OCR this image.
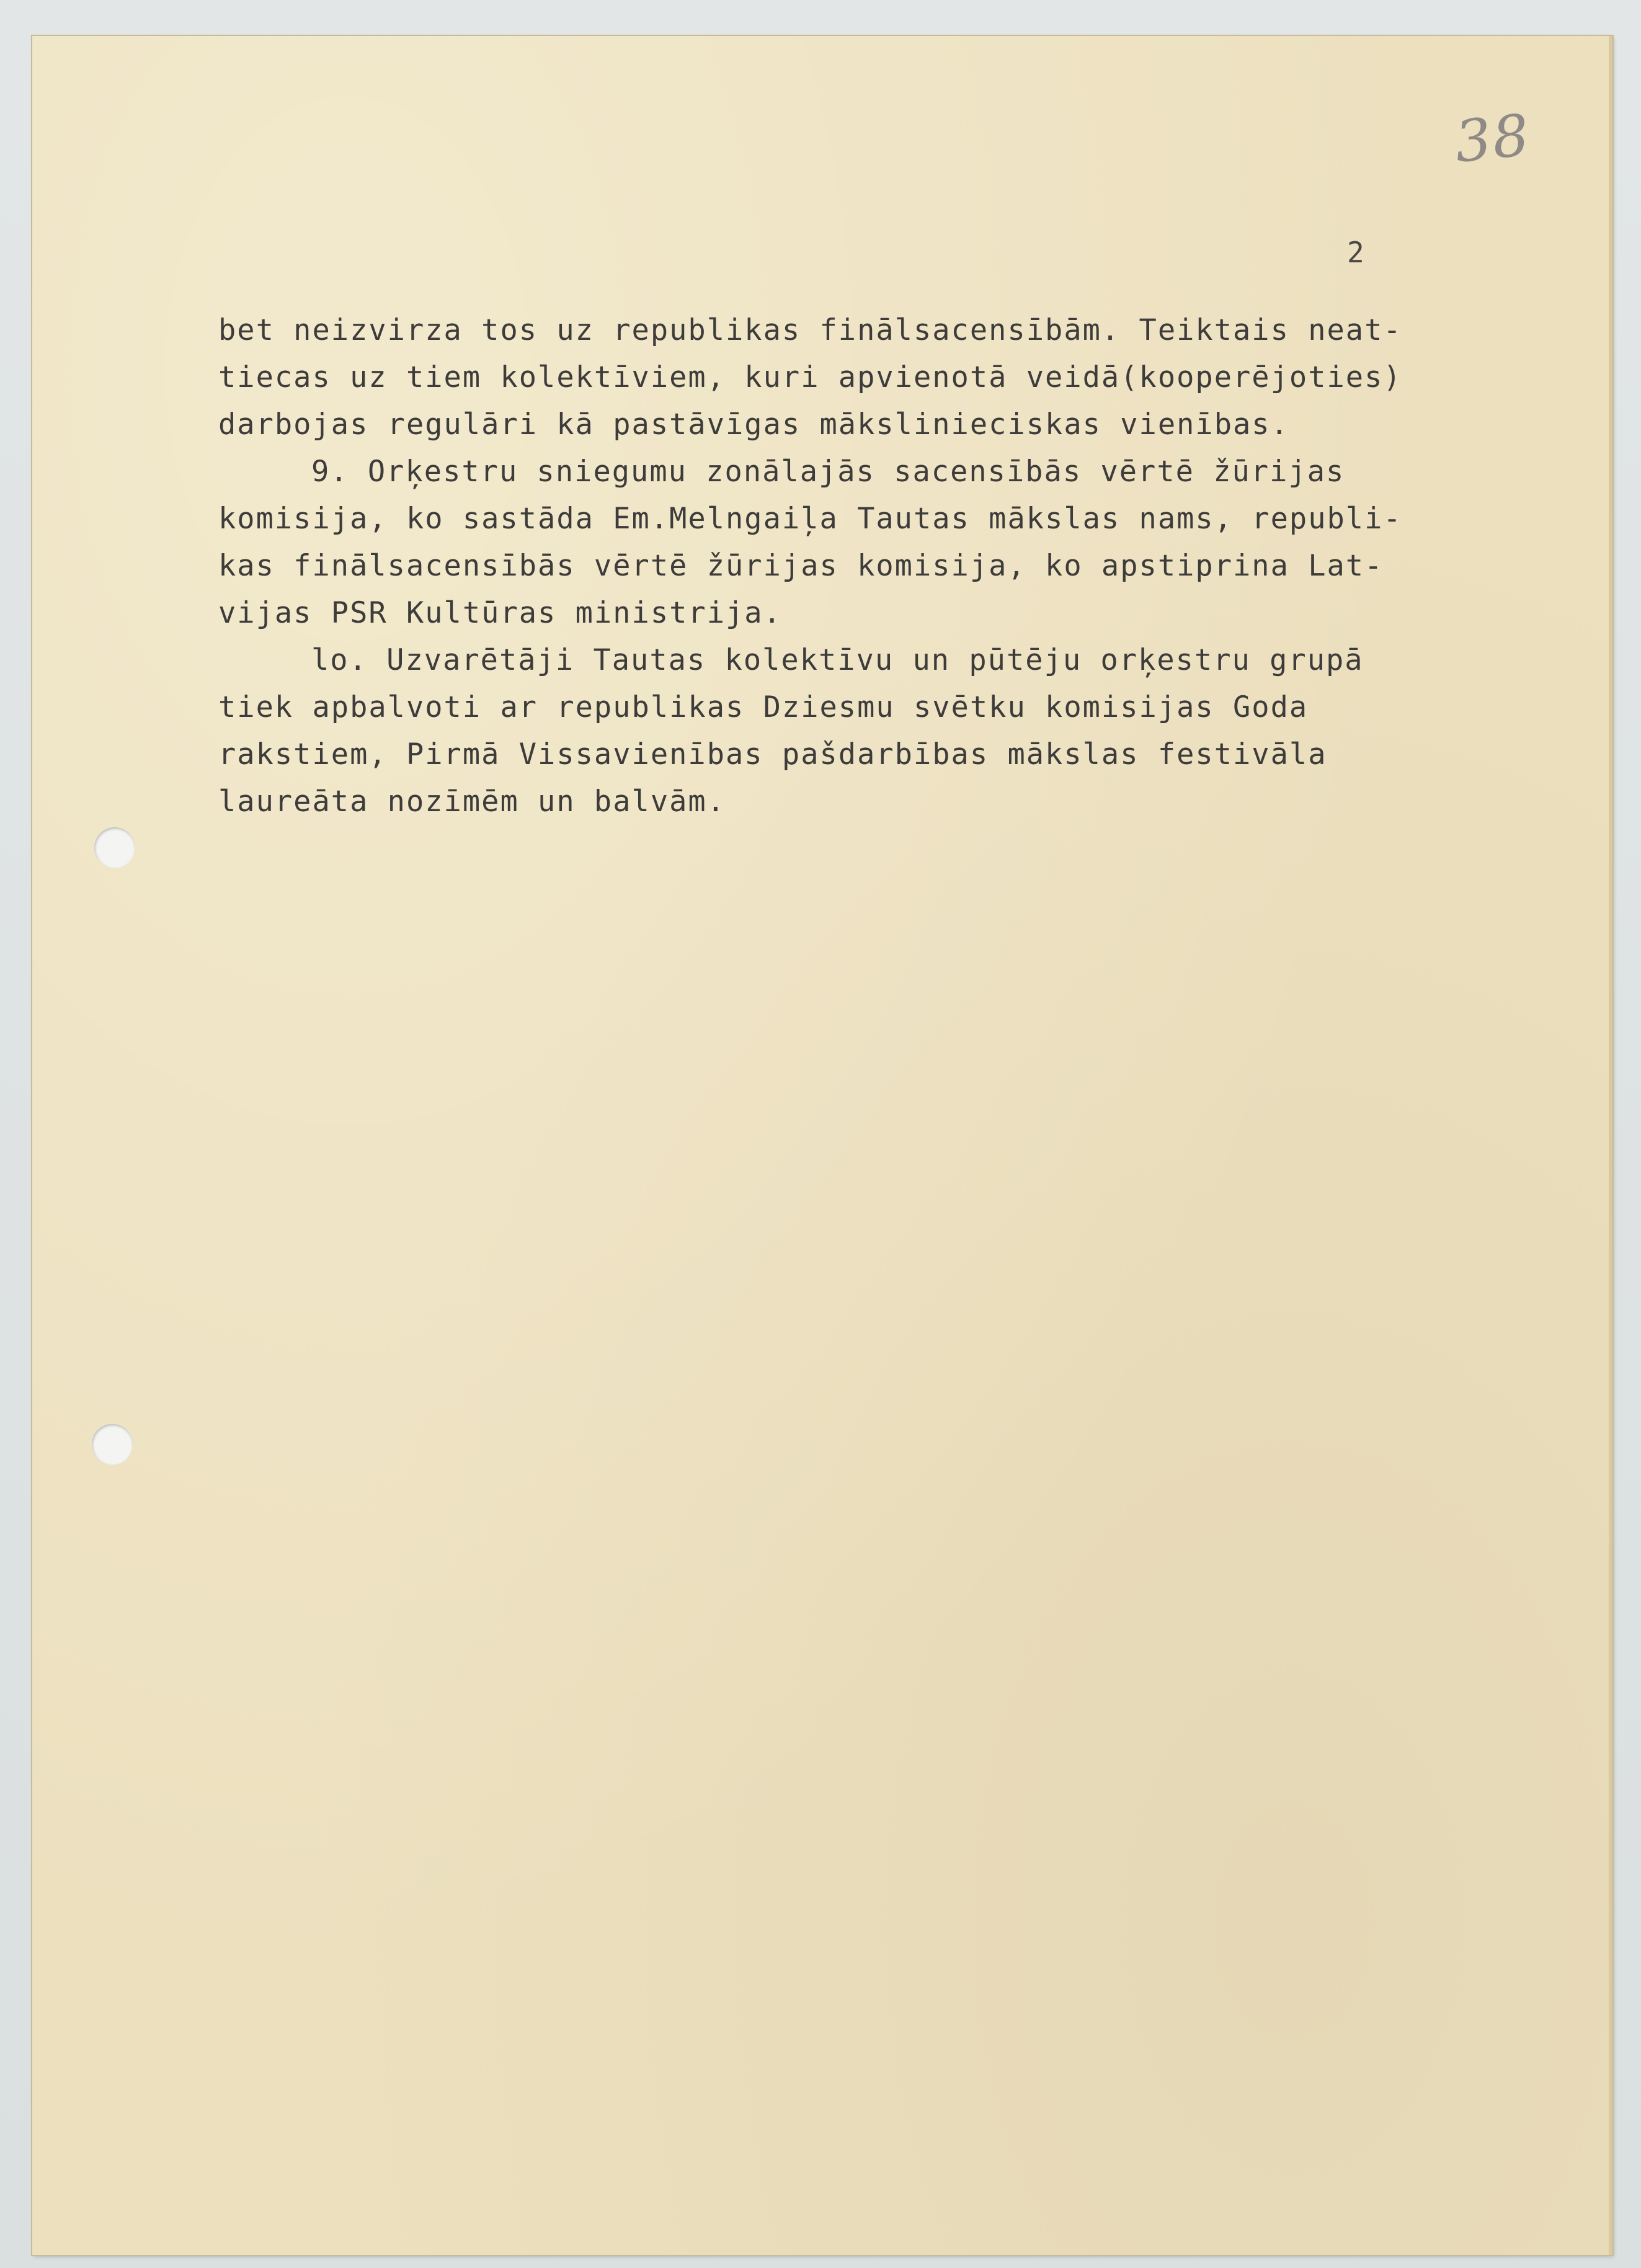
38
2
bet neizvirza tos uz republikas finālsacensībām. Teiktais neat-
tiecas uz tiem kolektīviem, kuri apvienotā veidā(kooperējoties)
darbojas regulāri kā pastāvīgas mākslinieciskas vienības.
9. Orķestru sniegumu zonālajās sacensībās vērtē žūrijas
komisija, ko sastāda Em.Melngaiļa Tautas mākslas nams, republi-
kas finālsacensībās vērtē žūrijas komisija, ko apstiprina Lat-
vijas PSR Kultūras ministrija.
lo. Uzvarētāji Tautas kolektīvu un pūtēju orķestru grupā
tiek apbalvoti ar republikas Dziesmu svētku komisijas Goda
rakstiem, Pirmā Vissavienības pašdarbības mākslas festivāla
laureāta nozīmēm un balvām.
